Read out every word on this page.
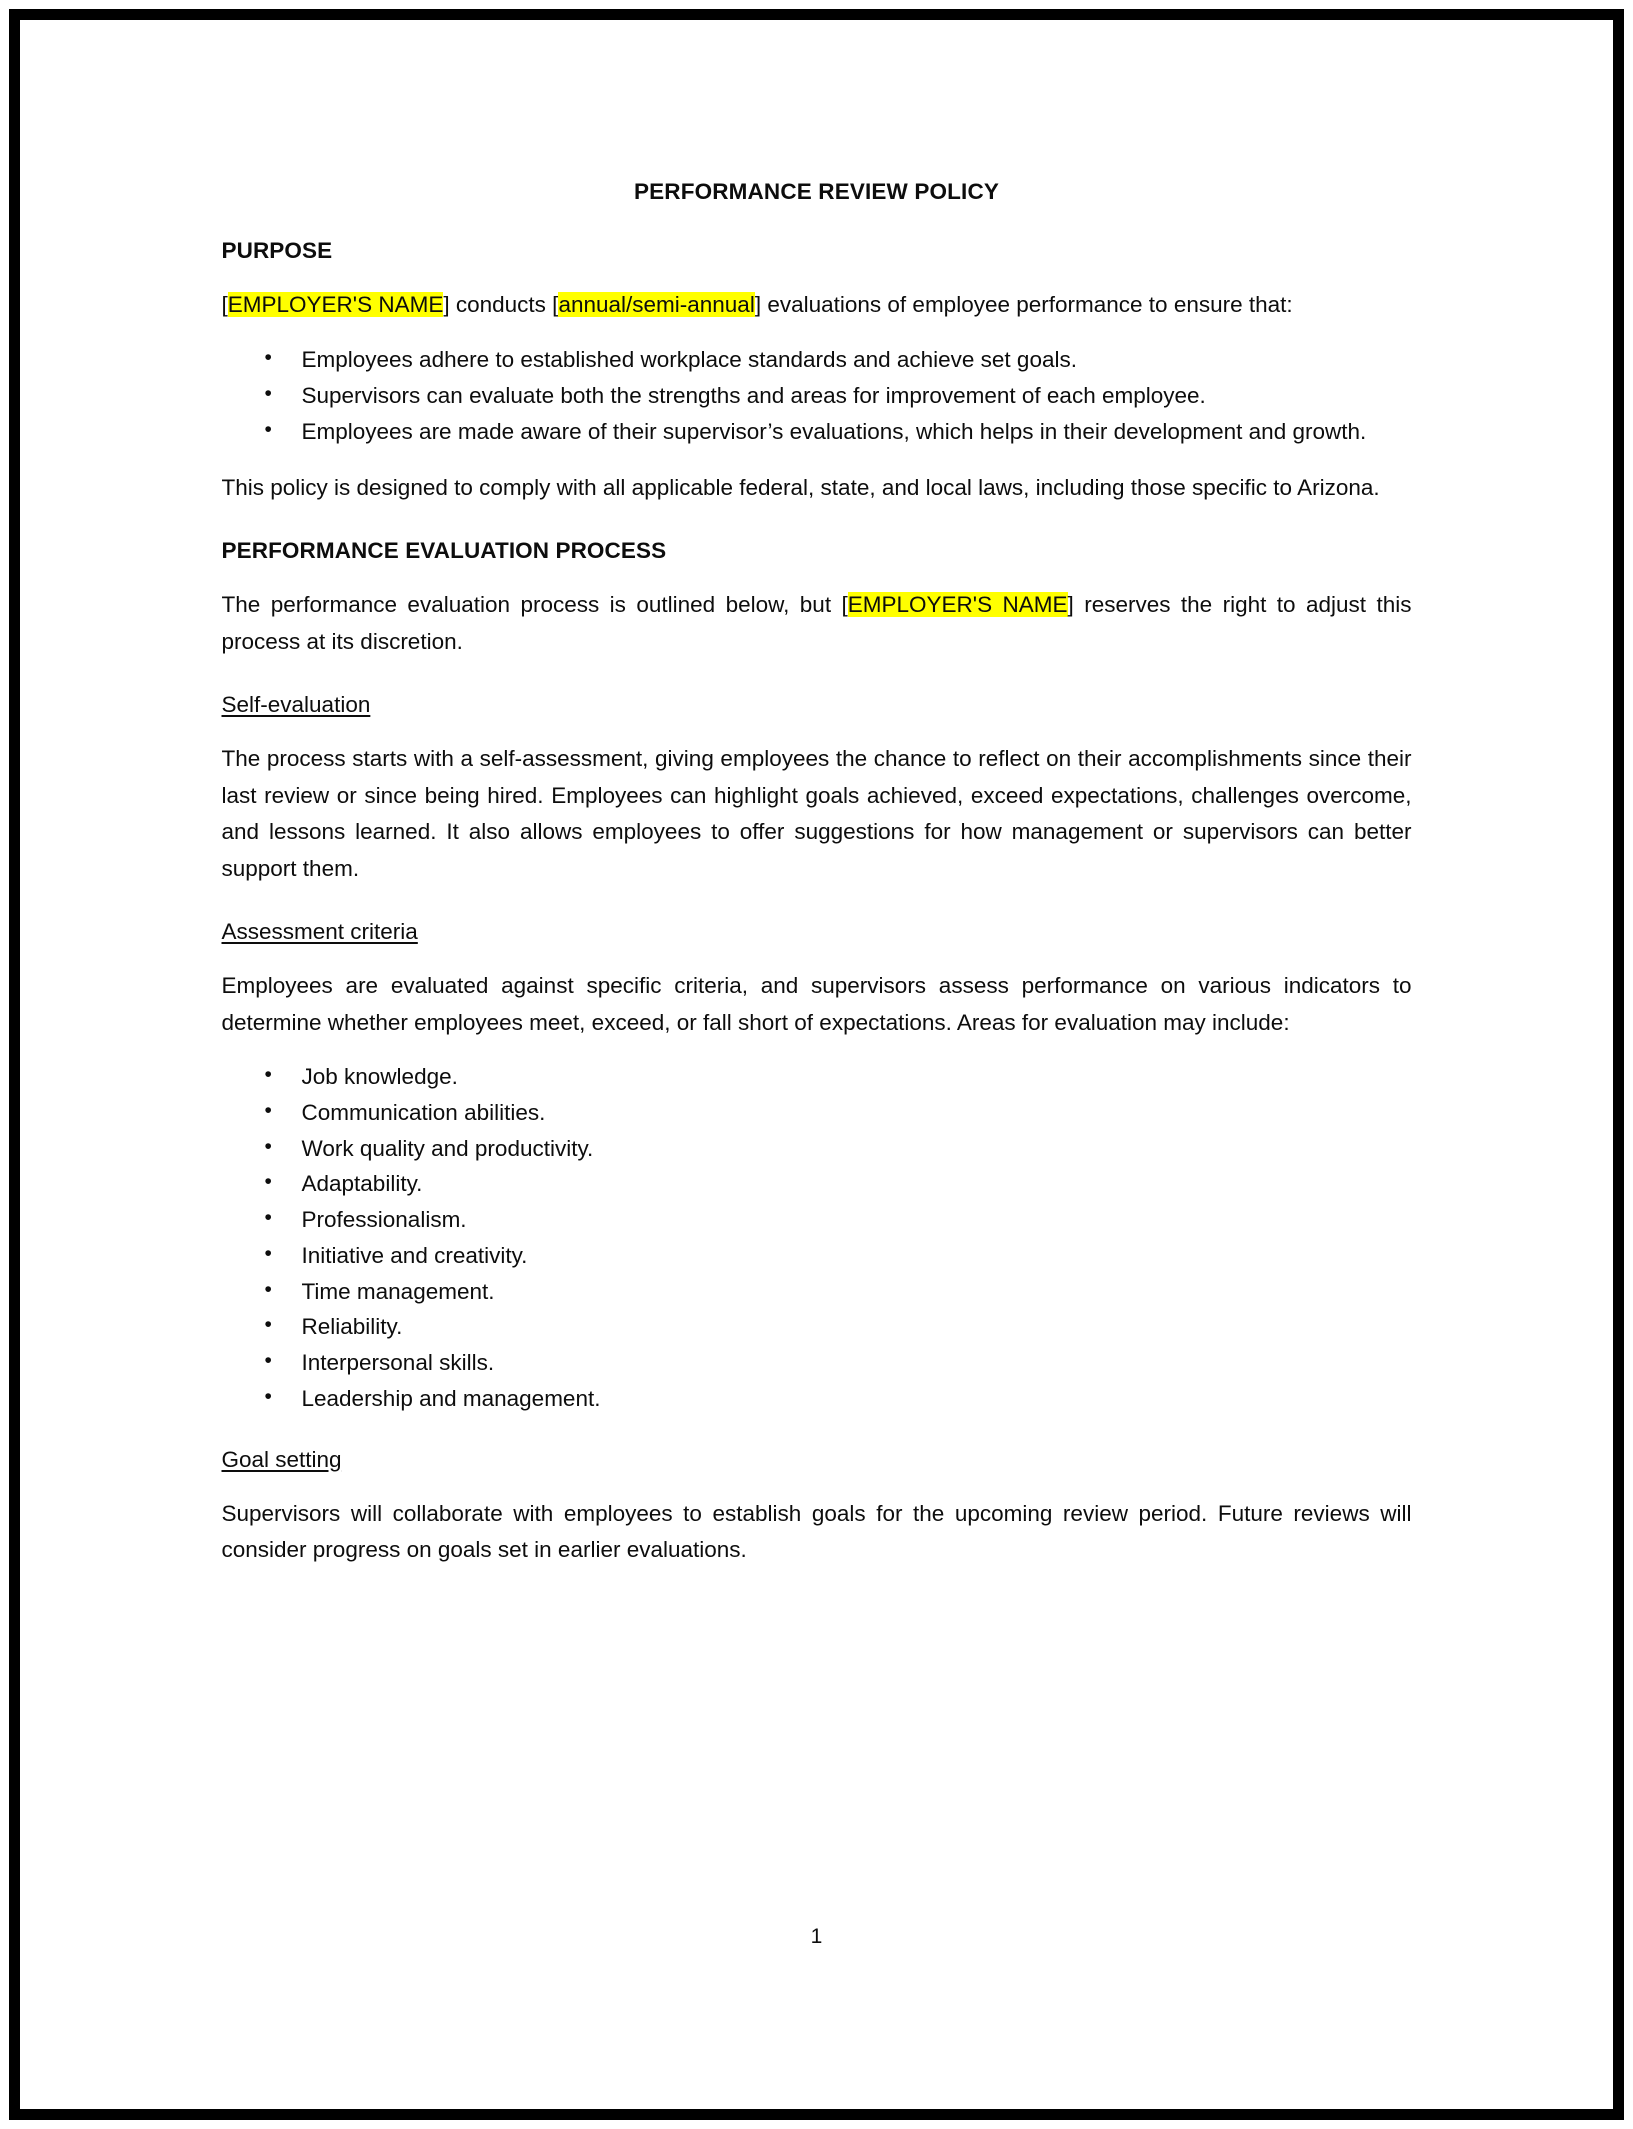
PERFORMANCE REVIEW POLICY
PURPOSE

[EMPLOYER'S NAME] conducts [annual/semi-annual] evaluations of employee performance to ensure that:

• Employees adhere to established workplace standards and achieve set goals.
• Supervisors can evaluate both the strengths and areas for improvement of each employee.
• Employees are made aware of their supervisor’s evaluations, which helps in their development and growth.

This policy is designed to comply with all applicable federal, state, and local laws, including those specific to Arizona.

PERFORMANCE EVALUATION PROCESS

The performance evaluation process is outlined below, but [EMPLOYER'S NAME] reserves the right to adjust this process at its discretion.

Self-evaluation

The process starts with a self-assessment, giving employees the chance to reflect on their accomplishments since their last review or since being hired. Employees can highlight goals achieved, exceed expectations, challenges overcome, and lessons learned. It also allows employees to offer suggestions for how management or supervisors can better support them.

Assessment criteria

Employees are evaluated against specific criteria, and supervisors assess performance on various indicators to determine whether employees meet, exceed, or fall short of expectations. Areas for evaluation may include:

• Job knowledge.
• Communication abilities.
• Work quality and productivity.
• Adaptability.
• Professionalism.
• Initiative and creativity.
• Time management.
• Reliability.
• Interpersonal skills.
• Leadership and management.
Goal setting

Supervisors will collaborate with employees to establish goals for the upcoming review period. Future reviews will consider progress on goals set in earlier evaluations.

1
